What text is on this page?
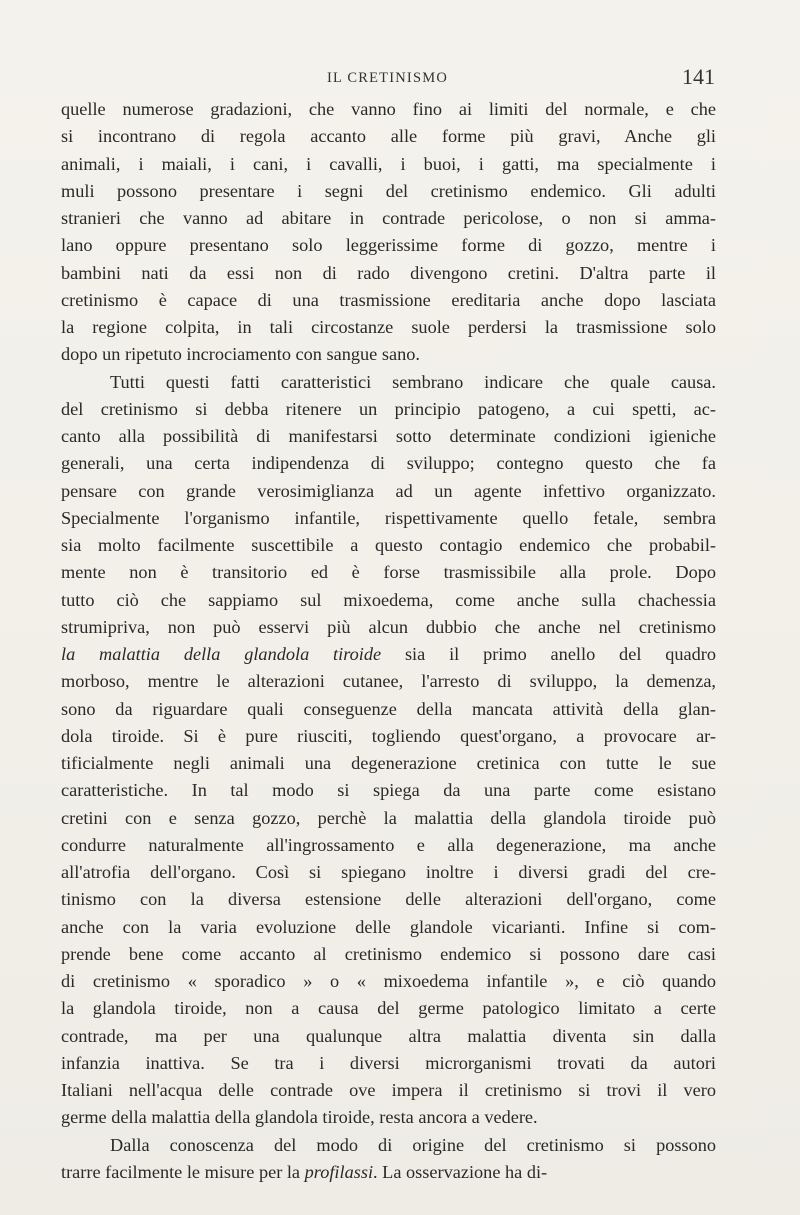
IL CRETINISMO	141
quelle numerose gradazioni, che vanno fino ai limiti del normale, e che
si incontrano di regola accanto alle forme più gravi, Anche gli
animali, i maiali, i cani, i cavalli, i buoi, i gatti, ma specialmente i
muli possono presentare i segni del cretinismo endemico. Gli adulti
stranieri che vanno ad abitare in contrade pericolose, o non si amma-
lano oppure presentano solo leggerissime forme di gozzo, mentre i
bambini nati da essi non di rado divengono cretini. D'altra parte il
cretinismo è capace di una trasmissione ereditaria anche dopo lasciata
la regione colpita, in tali circostanze suole perdersi la trasmissione solo
dopo un ripetuto incrociamento con sangue sano.
Tutti questi fatti caratteristici sembrano indicare che quale causa.
del cretinismo si debba ritenere un principio patogeno, a cui spetti, ac-
canto alla possibilità di manifestarsi sotto determinate condizioni igieniche
generali, una certa indipendenza di sviluppo; contegno questo che fa
pensare con grande verosimiglianza ad un agente infettivo organizzato.
Specialmente l'organismo infantile, rispettivamente quello fetale, sembra
sia molto facilmente suscettibile a questo contagio endemico che probabil-
mente non è transitorio ed è forse trasmissibile alla prole. Dopo
tutto ciò che sappiamo sul mixoedema, come anche sulla chachessia
strumipriva, non può esservi più alcun dubbio che anche nel cretinismo
la malattia della glandola tiroide sia il primo anello del quadro
morboso, mentre le alterazioni cutanee, l'arresto di sviluppo, la demenza,
sono da riguardare quali conseguenze della mancata attività della glan-
dola tiroide. Si è pure riusciti, togliendo quest'organo, a provocare ar-
tificialmente negli animali una degenerazione cretinica con tutte le sue
caratteristiche. In tal modo si spiega da una parte come esistano
cretini con e senza gozzo, perchè la malattia della glandola tiroide può
condurre naturalmente all'ingrossamento e alla degenerazione, ma anche
all'atrofia dell'organo. Così si spiegano inoltre i diversi gradi del cre-
tinismo con la diversa estensione delle alterazioni dell'organo, come
anche con la varia evoluzione delle glandole vicarianti. Infine si com-
prende bene come accanto al cretinismo endemico si possono dare casi
di cretinismo « sporadico » o « mixoedema infantile », e ciò quando
la glandola tiroide, non a causa del germe patologico limitato a certe
contrade, ma per una qualunque altra malattia diventa sin dalla
infanzia inattiva. Se tra i diversi microrganismi trovati da autori
Italiani nell'acqua delle contrade ove impera il cretinismo si trovi il vero
germe della malattia della glandola tiroide, resta ancora a vedere.
Dalla conoscenza del modo di origine del cretinismo si possono
trarre facilmente le misure per la profilassi. La osservazione ha di-
